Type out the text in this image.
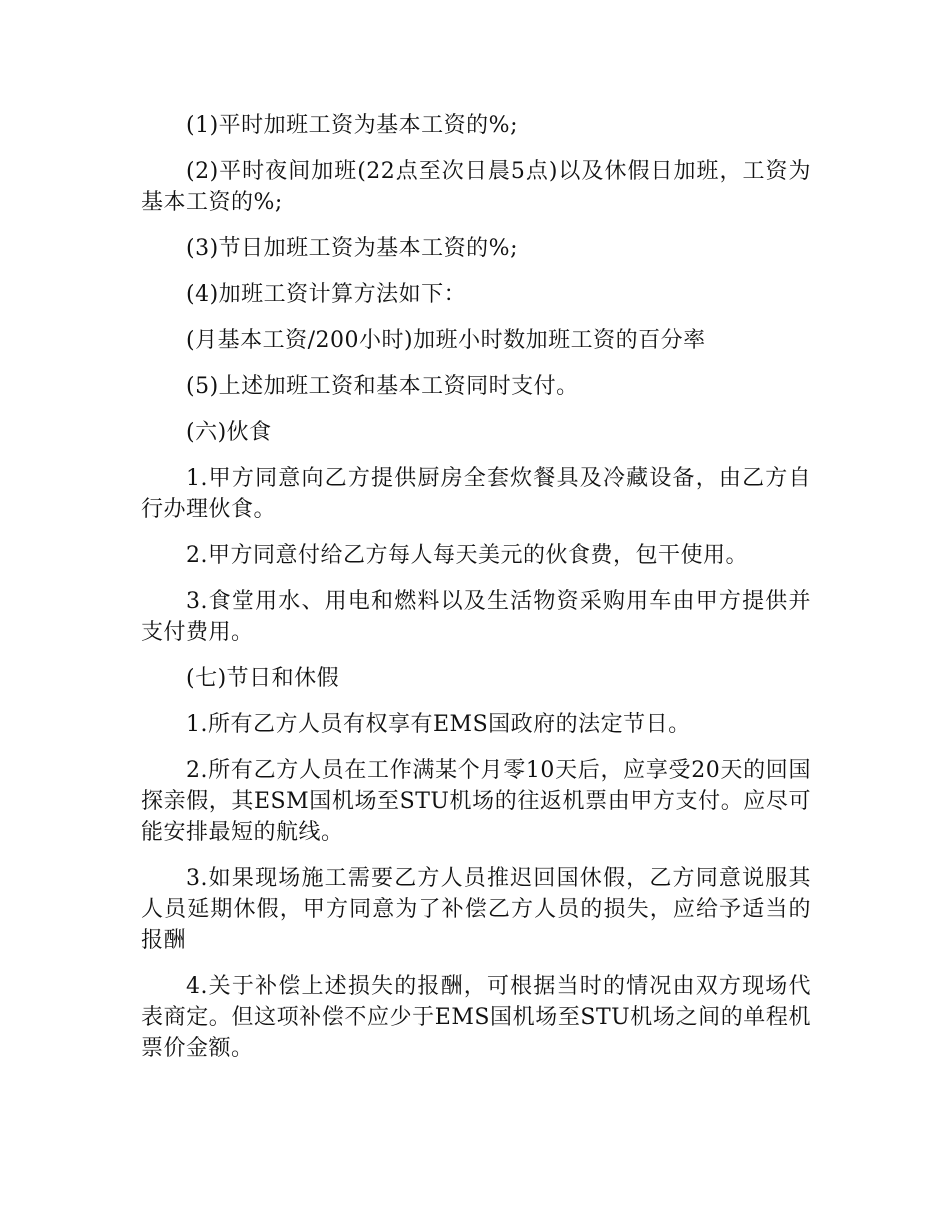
(1)平时加班工资为基本工资的%;

(2)平时夜间加班(22点至次日晨5点)以及休假日加班，工资为基本工资的%;

(3)节日加班工资为基本工资的%;

(4)加班工资计算方法如下：

(月基本工资/200小时)加班小时数加班工资的百分率

(5)上述加班工资和基本工资同时支付。

(六)伙食

1.甲方同意向乙方提供厨房全套炊餐具及冷藏设备，由乙方自行办理伙食。

2.甲方同意付给乙方每人每天美元的伙食费，包干使用。

3.食堂用水、用电和燃料以及生活物资采购用车由甲方提供并支付费用。

(七)节日和休假

1.所有乙方人员有权享有EMS国政府的法定节日。

2.所有乙方人员在工作满某个月零10天后，应享受20天的回国探亲假，其ESM国机场至STU机场的往返机票由甲方支付。应尽可能安排最短的航线。

3.如果现场施工需要乙方人员推迟回国休假，乙方同意说服其人员延期休假，甲方同意为了补偿乙方人员的损失，应给予适当的报酬

4.关于补偿上述损失的报酬，可根据当时的情况由双方现场代表商定。但这项补偿不应少于EMS国机场至STU机场之间的单程机票价金额。
